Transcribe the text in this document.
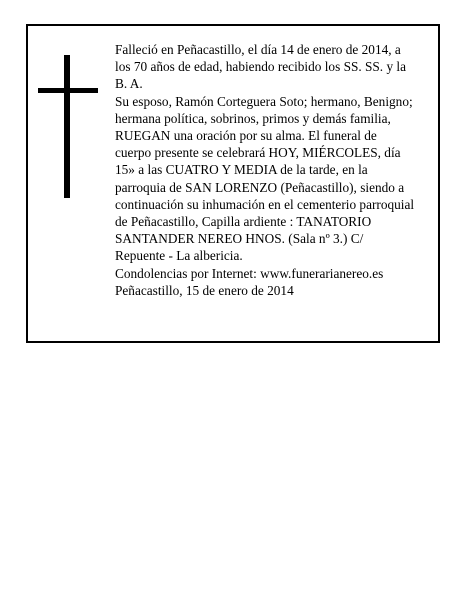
Falleció en Peñacastillo, el día 14 de enero de 2014, a
los 70 años de edad, habiendo recibido los SS. SS. y la
B. A.
Su esposo, Ramón Corteguera Soto; hermano, Benigno;
hermana política, sobrinos, primos y demás familia,
RUEGAN una oración por su alma. El funeral de
cuerpo presente se celebrará HOY, MIÉRCOLES, día
15» a las CUATRO Y MEDIA de la tarde, en la
parroquia de SAN LORENZO (Peñacastillo), siendo a
continuación su inhumación en el cementerio parroquial
de Peñacastillo, Capilla ardiente : TANATORIO
SANTANDER NEREO HNOS. (Sala nº 3.) C/
Repuente - La albericia.
Condolencias por Internet: www.funerarianereo.es
Peñacastillo, 15 de enero de 2014
